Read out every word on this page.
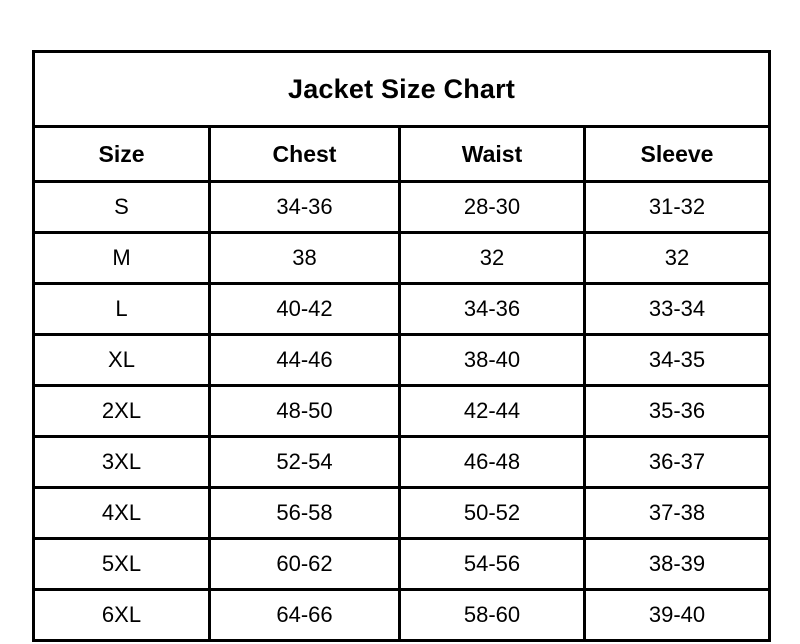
Jacket Size Chart			
Size	Chest	Waist	Sleeve
S	34-36	28-30	31-32
M	38	32	32
L	40-42	34-36	33-34
XL	44-46	38-40	34-35
2XL	48-50	42-44	35-36
3XL	52-54	46-48	36-37
4XL	56-58	50-52	37-38
5XL	60-62	54-56	38-39
6XL	64-66	58-60	39-40
